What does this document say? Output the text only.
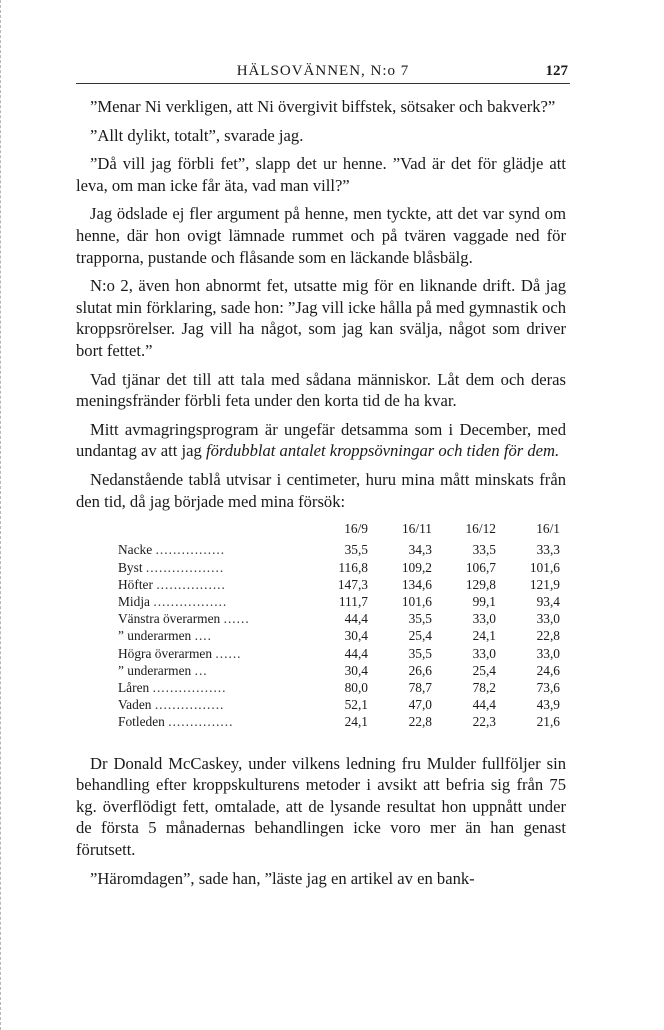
HÄLSOVÄNNEN, N:o 7	127

”Menar Ni verkligen, att Ni övergivit biffstek, sötsaker och bakverk?”

”Allt dylikt, totalt”, svarade jag.

”Då vill jag förbli fet”, slapp det ur henne. ”Vad är det för glädje att leva, om man icke får äta, vad man vill?”

Jag ödslade ej fler argument på henne, men tyckte, att det var synd om henne, där hon ovigt lämnade rummet och på tvären vaggade ned för trapporna, pustande och flåsande som en läckande blåsbälg.

N:o 2, även hon abnormt fet, utsatte mig för en liknande drift. Då jag slutat min förklaring, sade hon: ”Jag vill icke hålla på med gymnastik och kroppsrörelser. Jag vill ha något, som jag kan svälja, något som driver bort fettet.”

Vad tjänar det till att tala med sådana människor. Låt dem och deras meningsfränder förbli feta under den korta tid de ha kvar.

Mitt avmagringsprogram är ungefär detsamma som i December, med undantag av att jag fördubblat antalet kroppsövningar och tiden för dem.

Nedanstående tablå utvisar i centimeter, huru mina mått minskats från den tid, då jag började med mina försök:

	16/9	16/11	16/12	16/1
Nacke ................	35,5	34,3	33,5	33,3
Byst ..................	116,8	109,2	106,7	101,6
Höfter ................	147,3	134,6	129,8	121,9
Midja .................	111,7	101,6	99,1	93,4
Vänstra överarmen ......	44,4	35,5	33,0	33,0
” underarmen ....	30,4	25,4	24,1	22,8
Högra överarmen ......	44,4	35,5	33,0	33,0
” underarmen ...	30,4	26,6	25,4	24,6
Låren .................	80,0	78,7	78,2	73,6
Vaden ................	52,1	47,0	44,4	43,9
Fotleden ...............	24,1	22,8	22,3	21,6

Dr Donald McCaskey, under vilkens ledning fru Mulder fullföljer sin behandling efter kroppskulturens metoder i avsikt att befria sig från 75 kg. överflödigt fett, omtalade, att de lysande resultat hon uppnått under de första 5 månadernas behandlingen icke voro mer än han genast förutsett.

”Häromdagen”, sade han, ”läste jag en artikel av en bank-
